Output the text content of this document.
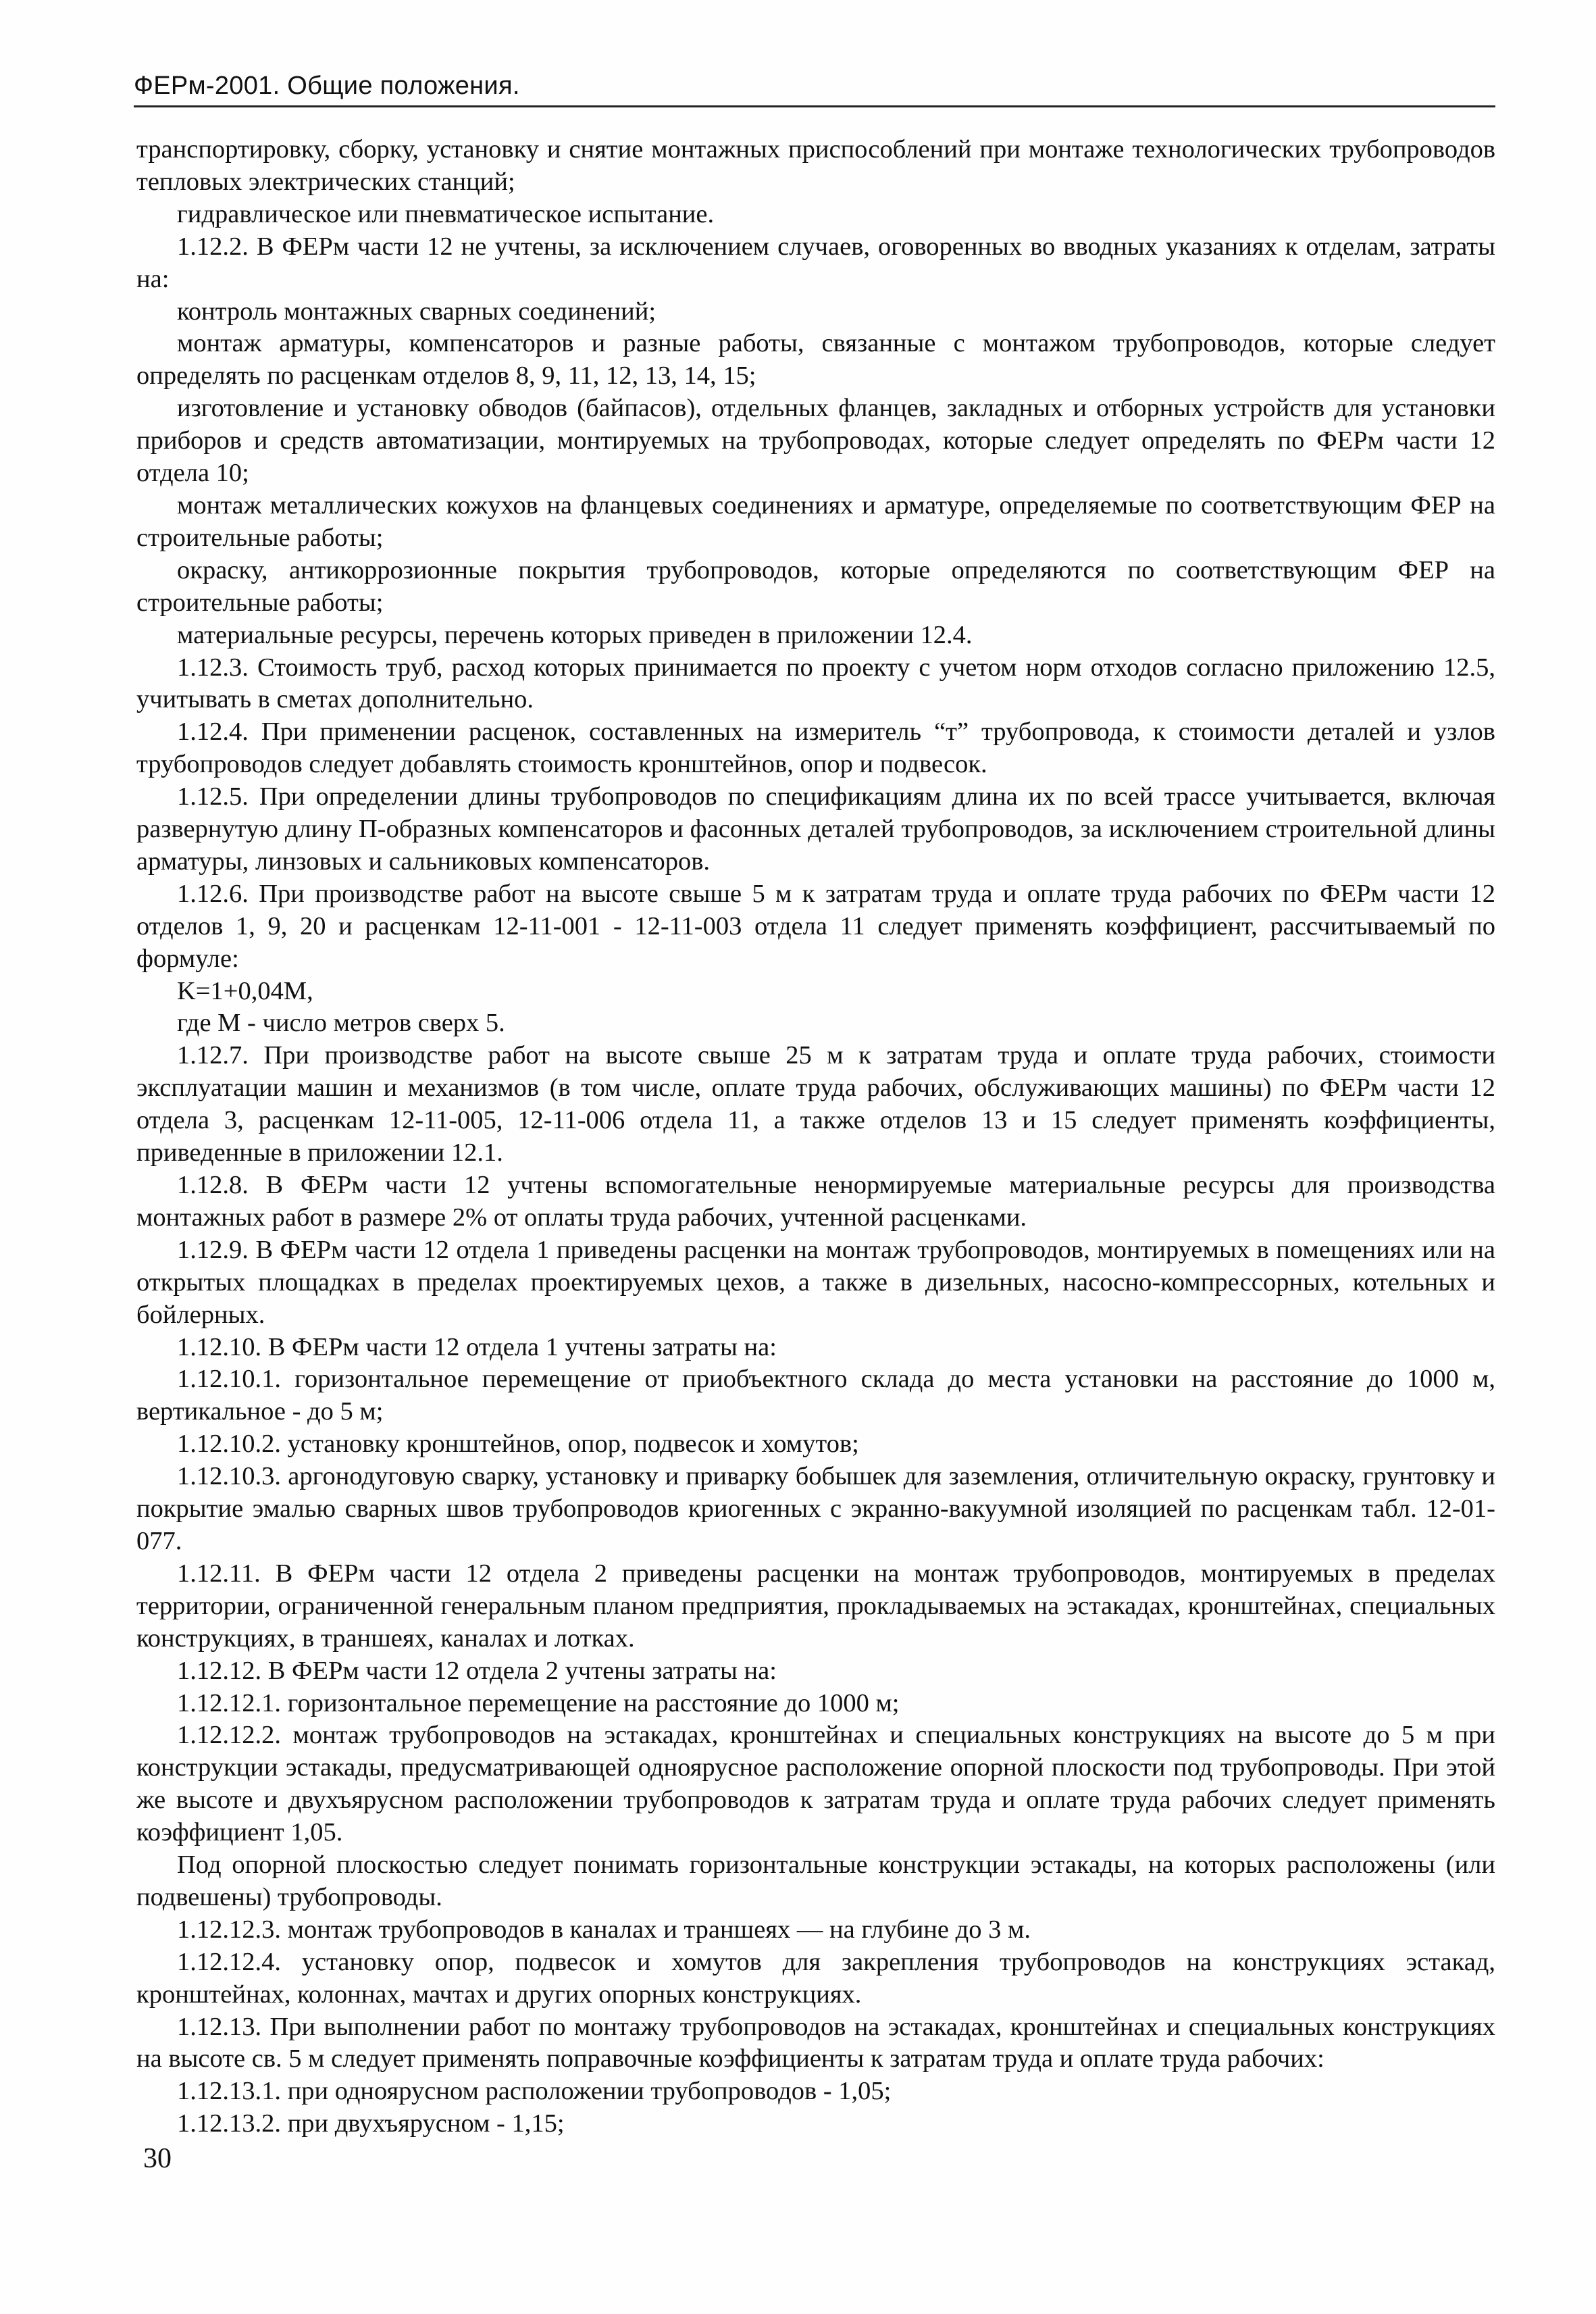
ФЕРм-2001. Общие положения.

транспортировку, сборку, установку и снятие монтажных приспособлений при монтаже технологических трубопроводов тепловых электрических станций;

гидравлическое или пневматическое испытание.

1.12.2. В ФЕРм части 12 не учтены, за исключением случаев, оговоренных во вводных указаниях к отделам, затраты на:

контроль монтажных сварных соединений;

монтаж арматуры, компенсаторов и разные работы, связанные с монтажом трубопроводов, которые следует определять по расценкам отделов 8, 9, 11, 12, 13, 14, 15;

изготовление и установку обводов (байпасов), отдельных фланцев, закладных и отборных устройств для установки приборов и средств автоматизации, монтируемых на трубопроводах, которые следует определять по ФЕРм части 12 отдела 10;

монтаж металлических кожухов на фланцевых соединениях и арматуре, определяемые по соответствующим ФЕР на строительные работы;

окраску, антикоррозионные покрытия трубопроводов, которые определяются по соответствующим ФЕР на строительные работы;

материальные ресурсы, перечень которых приведен в приложении 12.4.

1.12.3. Стоимость труб, расход которых принимается по проекту с учетом норм отходов согласно приложению 12.5, учитывать в сметах дополнительно.

1.12.4. При применении расценок, составленных на измеритель “т” трубопровода, к стоимости деталей и узлов трубопроводов следует добавлять стоимость кронштейнов, опор и подвесок.

1.12.5. При определении длины трубопроводов по спецификациям длина их по всей трассе учитывается, включая развернутую длину П-образных компенсаторов и фасонных деталей трубопроводов, за исключением строительной длины арматуры, линзовых и сальниковых компенсаторов.

1.12.6. При производстве работ на высоте свыше 5 м к затратам труда и оплате труда рабочих по ФЕРм части 12 отделов 1, 9, 20 и расценкам 12-11-001 - 12-11-003 отдела 11 следует применять коэффициент, рассчитываемый по формуле:

K=1+0,04M,

где М - число метров сверх 5.

1.12.7. При производстве работ на высоте свыше 25 м к затратам труда и оплате труда рабочих, стоимости эксплуатации машин и механизмов (в том числе, оплате труда рабочих, обслуживающих машины) по ФЕРм части 12 отдела 3, расценкам 12-11-005, 12-11-006 отдела 11, а также отделов 13 и 15 следует применять коэффициенты, приведенные в приложении 12.1.

1.12.8. В ФЕРм части 12 учтены вспомогательные ненормируемые материальные ресурсы для производства монтажных работ в размере 2% от оплаты труда рабочих, учтенной расценками.

1.12.9. В ФЕРм части 12 отдела 1 приведены расценки на монтаж трубопроводов, монтируемых в помещениях или на открытых площадках в пределах проектируемых цехов, а также в дизельных, насосно-компрессорных, котельных и бойлерных.

1.12.10. В ФЕРм части 12 отдела 1 учтены затраты на:

1.12.10.1. горизонтальное перемещение от приобъектного склада до места установки на расстояние до 1000 м, вертикальное - до 5 м;

1.12.10.2. установку кронштейнов, опор, подвесок и хомутов;

1.12.10.3. аргонодуговую сварку, установку и приварку бобышек для заземления, отличительную окраску, грунтовку и покрытие эмалью сварных швов трубопроводов криогенных с экранно-вакуумной изоляцией по расценкам табл. 12-01-077.

1.12.11. В ФЕРм части 12 отдела 2 приведены расценки на монтаж трубопроводов, монтируемых в пределах территории, ограниченной генеральным планом предприятия, прокладываемых на эстакадах, кронштейнах, специальных конструкциях, в траншеях, каналах и лотках.

1.12.12. В ФЕРм части 12 отдела 2 учтены затраты на:

1.12.12.1. горизонтальное перемещение на расстояние до 1000 м;

1.12.12.2. монтаж трубопроводов на эстакадах, кронштейнах и специальных конструкциях на высоте до 5 м при конструкции эстакады, предусматривающей одноярусное расположение опорной плоскости под трубопроводы. При этой же высоте и двухъярусном расположении трубопроводов к затратам труда и оплате труда рабочих следует применять коэффициент 1,05.

Под опорной плоскостью следует понимать горизонтальные конструкции эстакады, на которых расположены (или подвешены) трубопроводы.

1.12.12.3. монтаж трубопроводов в каналах и траншеях — на глубине до 3 м.

1.12.12.4. установку опор, подвесок и хомутов для закрепления трубопроводов на конструкциях эстакад, кронштейнах, колоннах, мачтах и других опорных конструкциях.

1.12.13. При выполнении работ по монтажу трубопроводов на эстакадах, кронштейнах и специальных конструкциях на высоте св. 5 м следует применять поправочные коэффициенты к затратам труда и оплате труда рабочих:

1.12.13.1. при одноярусном расположении трубопроводов - 1,05;

1.12.13.2. при двухъярусном - 1,15;

30
